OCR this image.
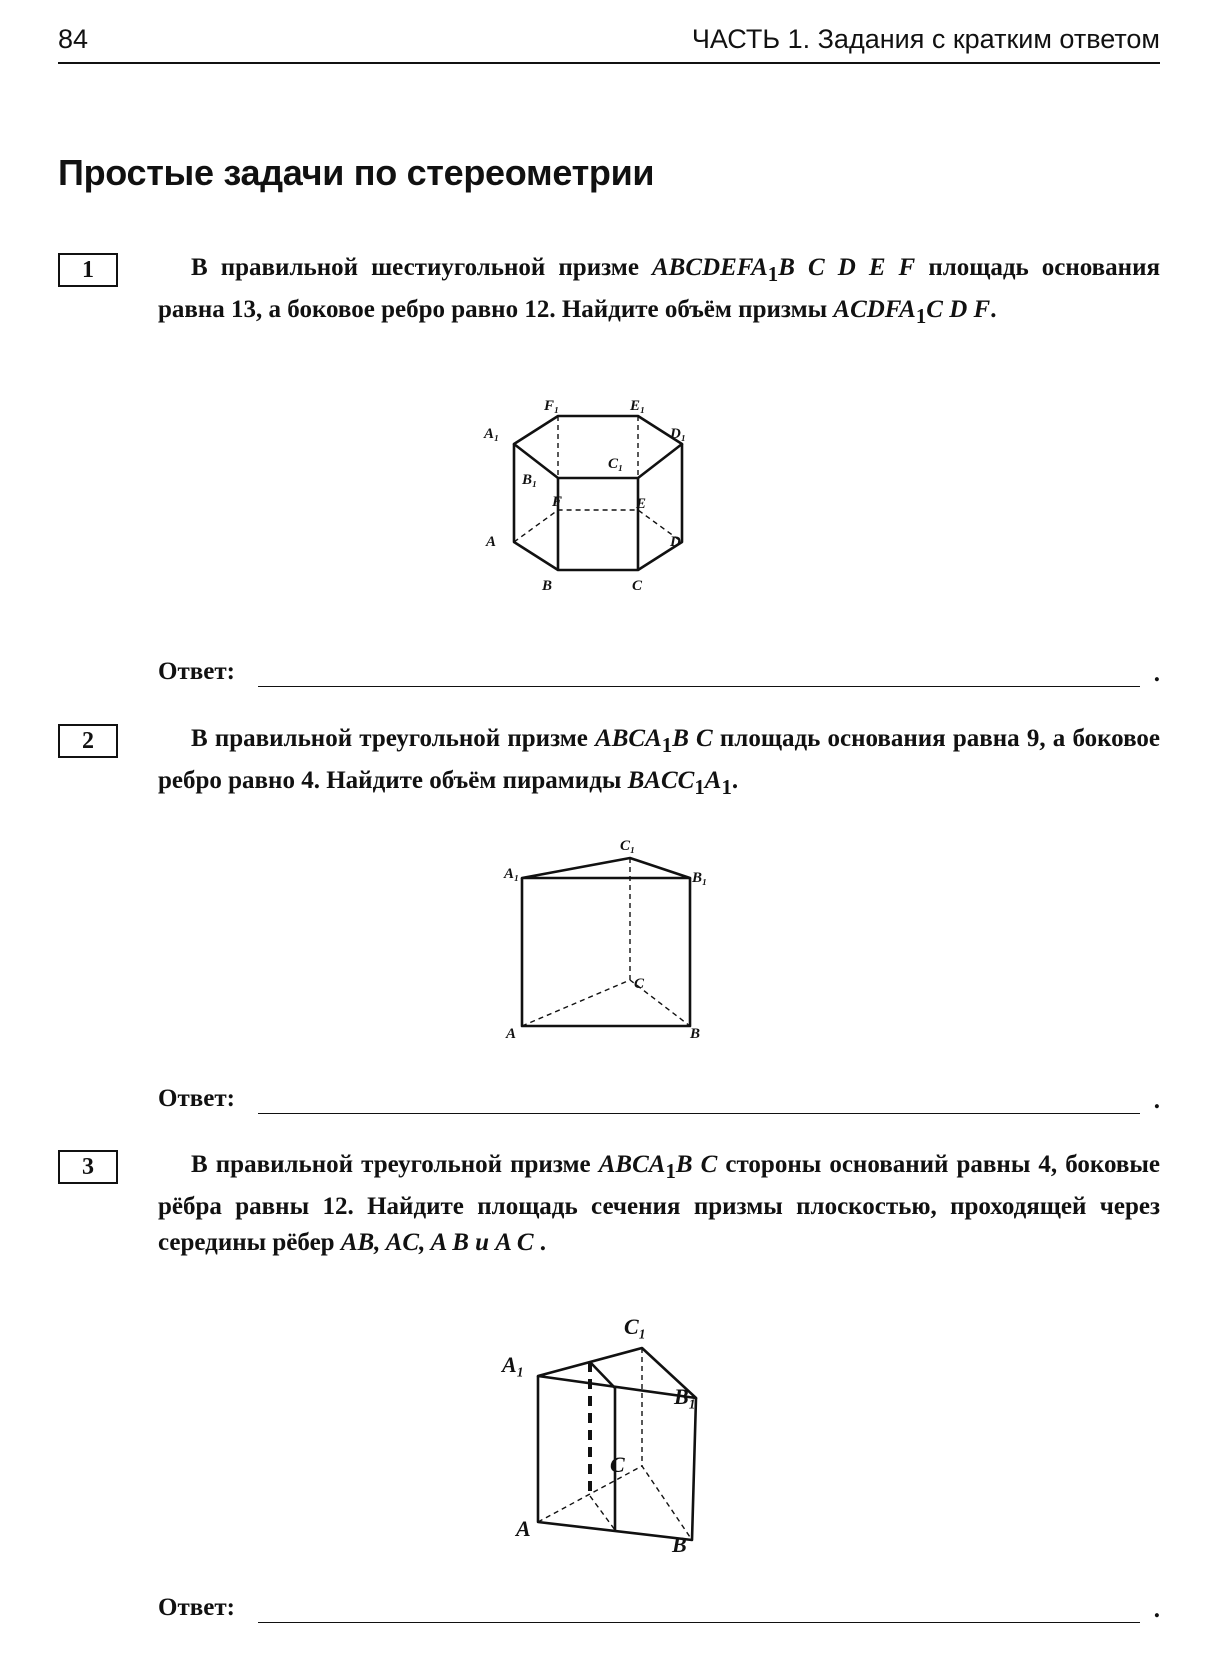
84	ЧАСТЬ 1. Задания с кратким ответом
Простые задачи по стереометрии
1	В правильной шестиугольной призме $ABCDEFA_1B$ C D E F площадь основания равна 13, а боковое ребро равно 12. Найдите объём призмы $ACDFA_1C$ D F.
F₁	E₁
A₁	D₁
C₁
B₁
F	E
A	D
B	C
Ответ:	.
2	В правильной треугольной призме $ABCA_1B$ C площадь основания равна 9, а боковое ребро равно 4. Найдите объём пирамиды $BACC_1A_1$.
C₁
A₁	B₁
C
A	B
Ответ:	.
3	В правильной треугольной призме $ABCA_1B$ C стороны оснований равны 4, боковые рёбра равны 12. Найдите площадь сечения призмы плоскостью, проходящей через середины рёбер AB, AC, A B и A C .
C₁
A₁
B₁
C
A
B
Ответ:	.
